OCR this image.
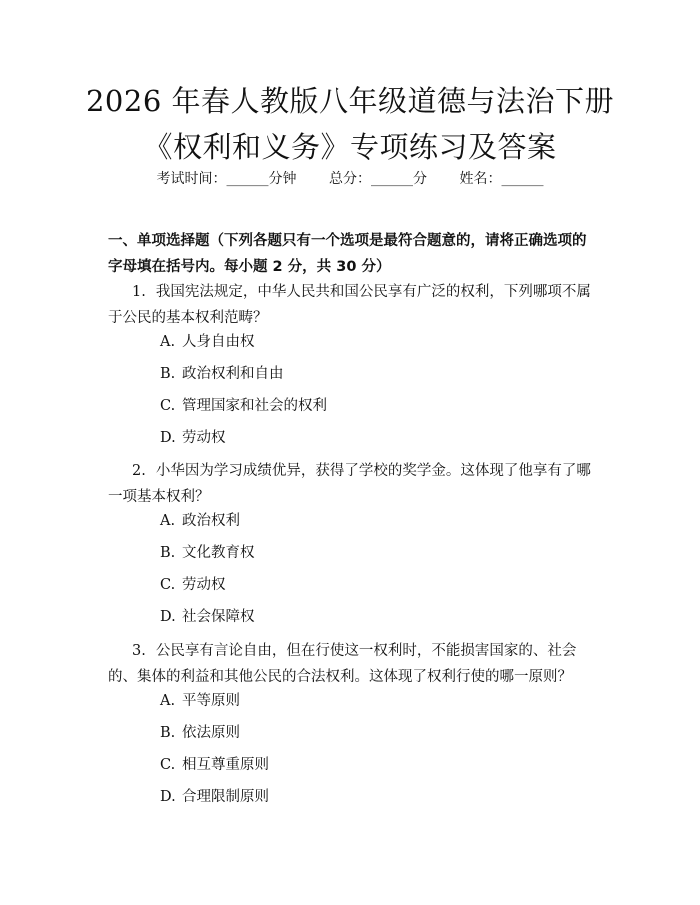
2026 年春人教版八年级道德与法治下册《权利和义务》专项练习及答案
考试时间：______分钟 总分：______分 姓名：______
一、单项选择题（下列各题只有一个选项是最符合题意的，请将正确选项的字母填在括号内。每小题 2 分，共 30 分）
1. 我国宪法规定，中华人民共和国公民享有广泛的权利，下列哪项不属于公民的基本权利范畴？
A. 人身自由权
B. 政治权利和自由
C. 管理国家和社会的权利
D. 劳动权
2. 小华因为学习成绩优异，获得了学校的奖学金。这体现了他享有了哪一项基本权利？
A. 政治权利
B. 文化教育权
C. 劳动权
D. 社会保障权
3. 公民享有言论自由，但在行使这一权利时，不能损害国家的、社会的、集体的利益和其他公民的合法权利。这体现了权利行使的哪一原则？
A. 平等原则
B. 依法原则
C. 相互尊重原则
D. 合理限制原则
